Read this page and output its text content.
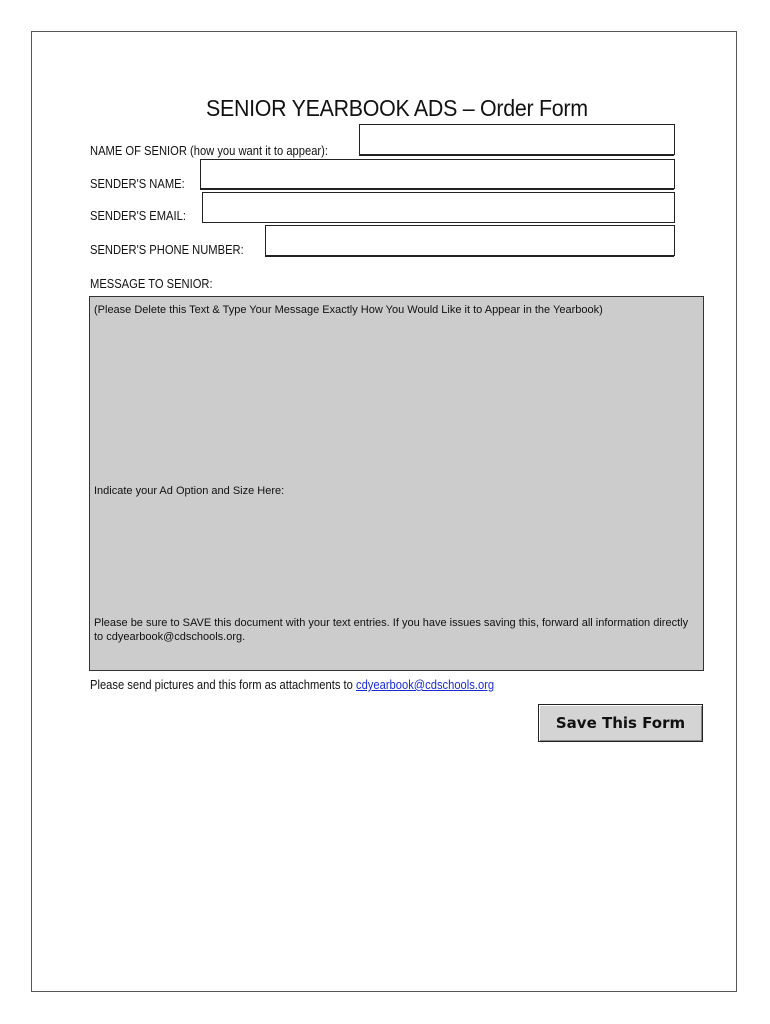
SENIOR YEARBOOK ADS – Order Form
NAME OF SENIOR (how you want it to appear):
SENDER'S NAME:
SENDER'S EMAIL:
SENDER'S PHONE NUMBER:
MESSAGE TO SENIOR:
(Please Delete this Text & Type Your Message Exactly How You Would Like it to Appear in the Yearbook)
Indicate your Ad Option and Size Here:
Please be sure to SAVE this document with your text entries. If you have issues saving this, forward all information directly to cdyearbook@cdschools.org.
Please send pictures and this form as attachments to cdyearbook@cdschools.org
Save This Form
